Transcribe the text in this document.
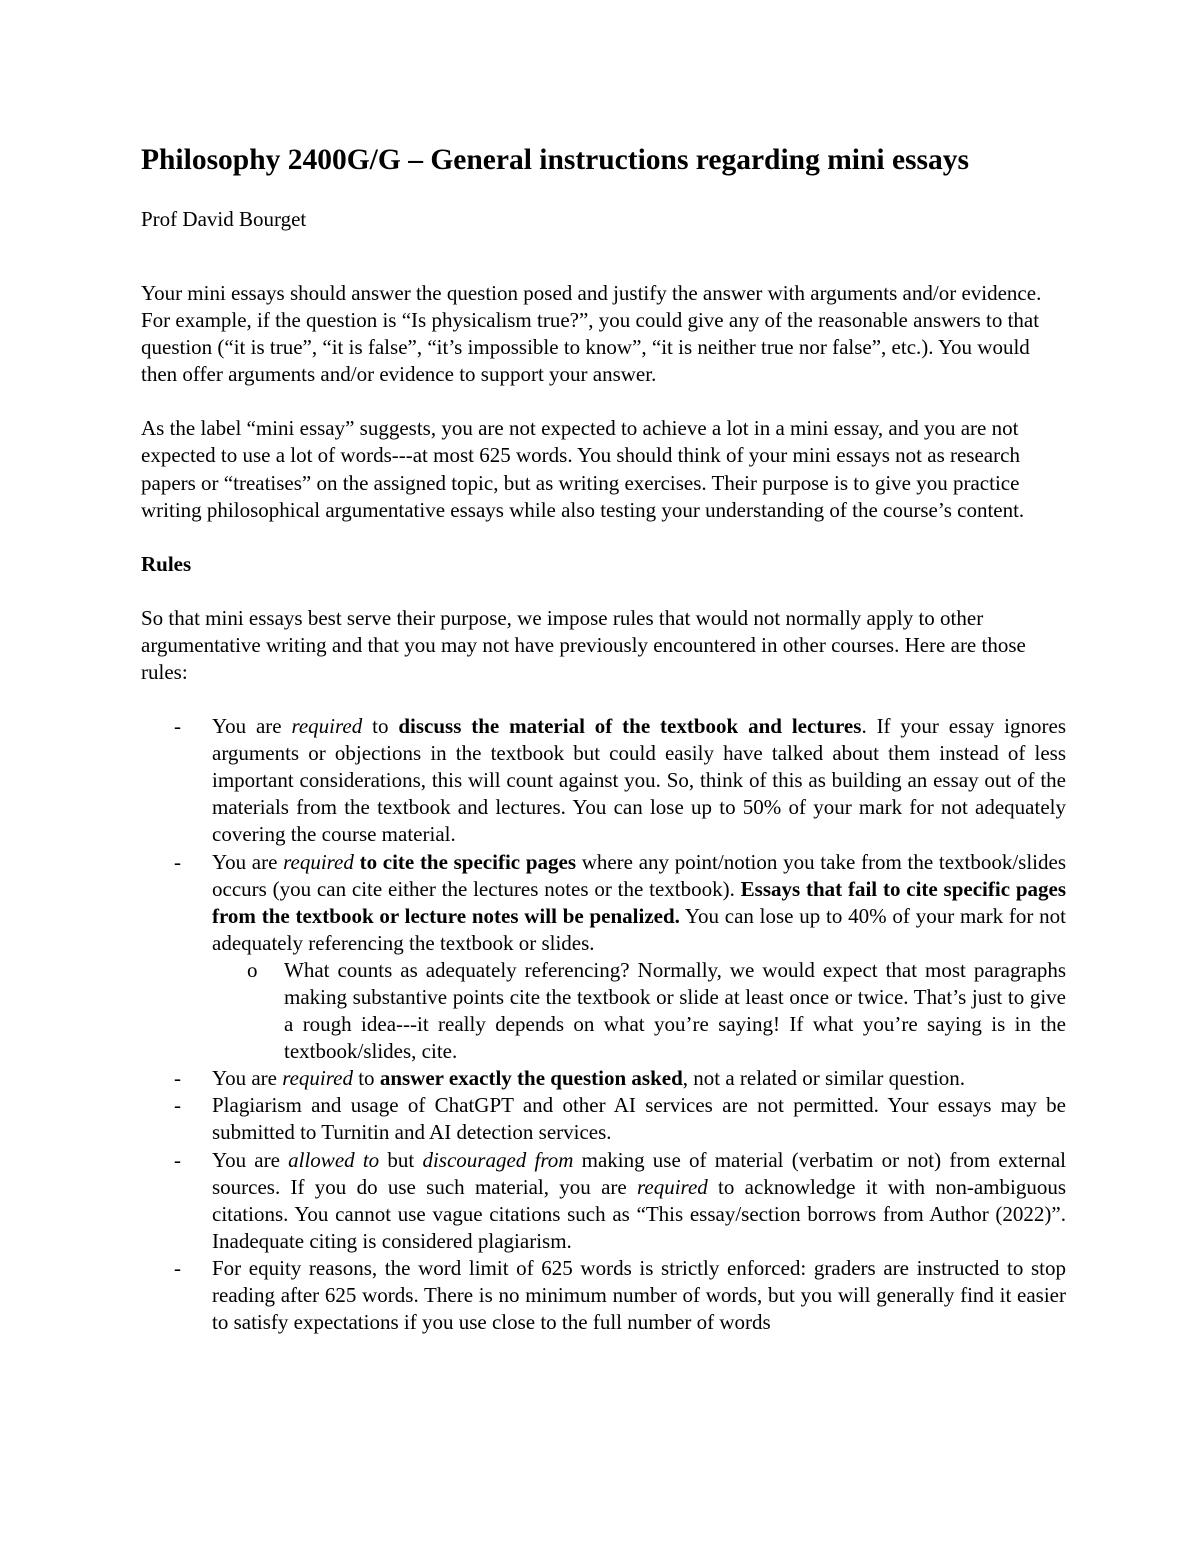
Philosophy 2400G/G – General instructions regarding mini essays
Prof David Bourget

Your mini essays should answer the question posed and justify the answer with arguments and/or evidence. For example, if the question is “Is physicalism true?”, you could give any of the reasonable answers to that question (“it is true”, “it is false”, “it’s impossible to know”, “it is neither true nor false”, etc.). You would then offer arguments and/or evidence to support your answer.

As the label “mini essay” suggests, you are not expected to achieve a lot in a mini essay, and you are not expected to use a lot of words---at most 625 words. You should think of your mini essays not as research papers or “treatises” on the assigned topic, but as writing exercises. Their purpose is to give you practice writing philosophical argumentative essays while also testing your understanding of the course’s content.

Rules

So that mini essays best serve their purpose, we impose rules that would not normally apply to other argumentative writing and that you may not have previously encountered in other courses. Here are those rules:

- You are required to discuss the material of the textbook and lectures. If your essay ignores arguments or objections in the textbook but could easily have talked about them instead of less important considerations, this will count against you. So, think of this as building an essay out of the materials from the textbook and lectures. You can lose up to 50% of your mark for not adequately covering the course material.
- You are required to cite the specific pages where any point/notion you take from the textbook/slides occurs (you can cite either the lectures notes or the textbook). Essays that fail to cite specific pages from the textbook or lecture notes will be penalized. You can lose up to 40% of your mark for not adequately referencing the textbook or slides.
o What counts as adequately referencing? Normally, we would expect that most paragraphs making substantive points cite the textbook or slide at least once or twice. That’s just to give a rough idea---it really depends on what you’re saying! If what you’re saying is in the textbook/slides, cite.
- You are required to answer exactly the question asked, not a related or similar question.
- Plagiarism and usage of ChatGPT and other AI services are not permitted. Your essays may be submitted to Turnitin and AI detection services.
- You are allowed to but discouraged from making use of material (verbatim or not) from external sources. If you do use such material, you are required to acknowledge it with non-ambiguous citations. You cannot use vague citations such as “This essay/section borrows from Author (2022)”. Inadequate citing is considered plagiarism.
- For equity reasons, the word limit of 625 words is strictly enforced: graders are instructed to stop reading after 625 words. There is no minimum number of words, but you will generally find it easier to satisfy expectations if you use close to the full number of words
